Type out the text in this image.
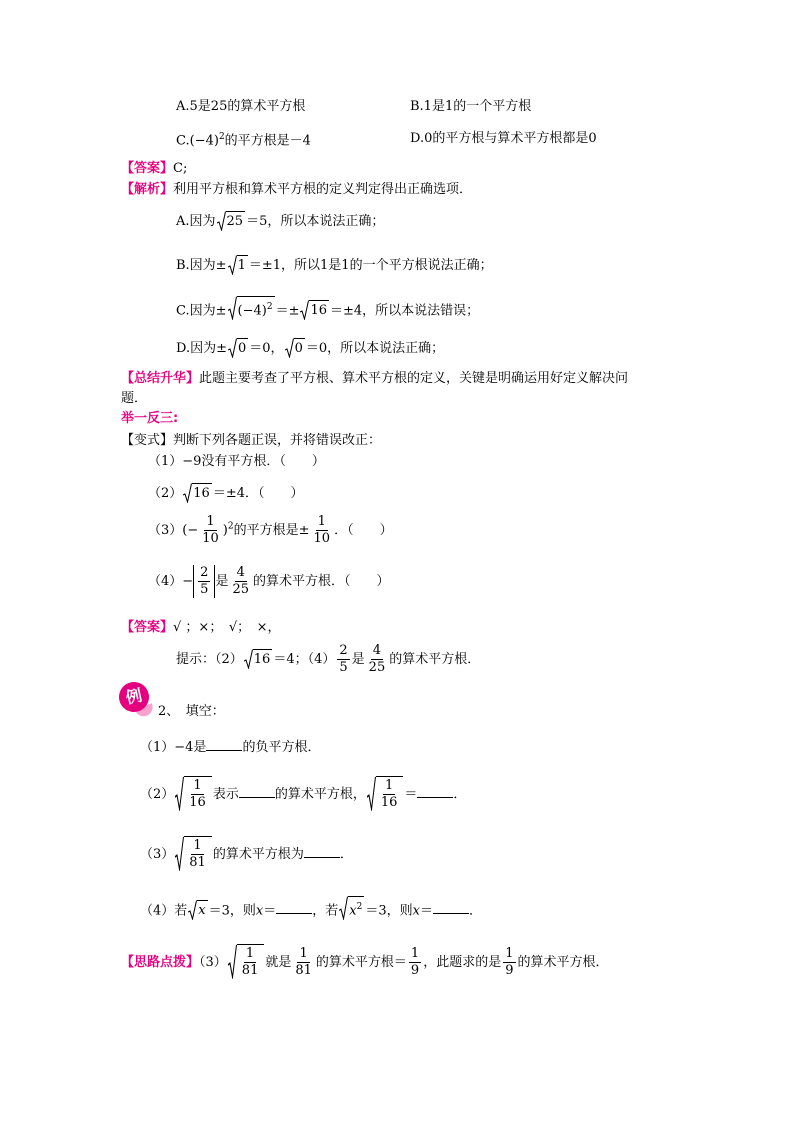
A.5是25的算术平方根	B.1是1的一个平方根
$C.(-4)^2$的平方根是－4	D.0的平方根与算术平方根都是0
【答案】C;
【解析】利用平方根和算术平方根的定义判定得出正确选项．
A.因为 25 ＝5，所以本说法正确；
B.因为± 1 ＝±1，所以1是1的一个平方根说法正确；
C.因为± $(-4)^2 =\pm 16 =\pm 4$，所以本说法错误；
D.因为± 0 ＝0， 0 ＝0，所以本说法正确；
【总结升华】此题主要考查了平方根、算术平方根的定义，关键是明确运用好定义解决问
题．
举一反三:
【变式】判断下列各题正误，并将错误改正：
（1）−9没有平方根．（　　）
（2） 16 ＝±4．（　　）
$(3)(- \frac{1}{10} )^2$的平方根是± $\frac{1}{10}$ ．（　　）
$(4)- \frac{2}{5}$ 是 $\frac{4}{25}$ 的算术平方根．（　　）
【答案】√ ；×；　√；　×，
提示：（2） 16 ＝4；$(4) \frac{2}{5}$ 是 $\frac{4}{25}$ 的算术平方根．
例
2、　填空：
（1）−4是	的负平方根．
$(2) \frac{1}{16}$ 表示	的算术平方根， $\frac{1}{16}$ ＝	．
$(3) \frac{1}{81}$ 的算术平方根为	．
（4）若 x ＝3，则x＝	，若 $x^2 =3$，则x＝	．
【思路点拨】$(3) \frac{1}{81}$ 就是 $\frac{1}{81}$ 的算术平方根＝ $\frac{1}{9}$ ，此题求的是 $\frac{1}{9}$ 的算术平方根．
